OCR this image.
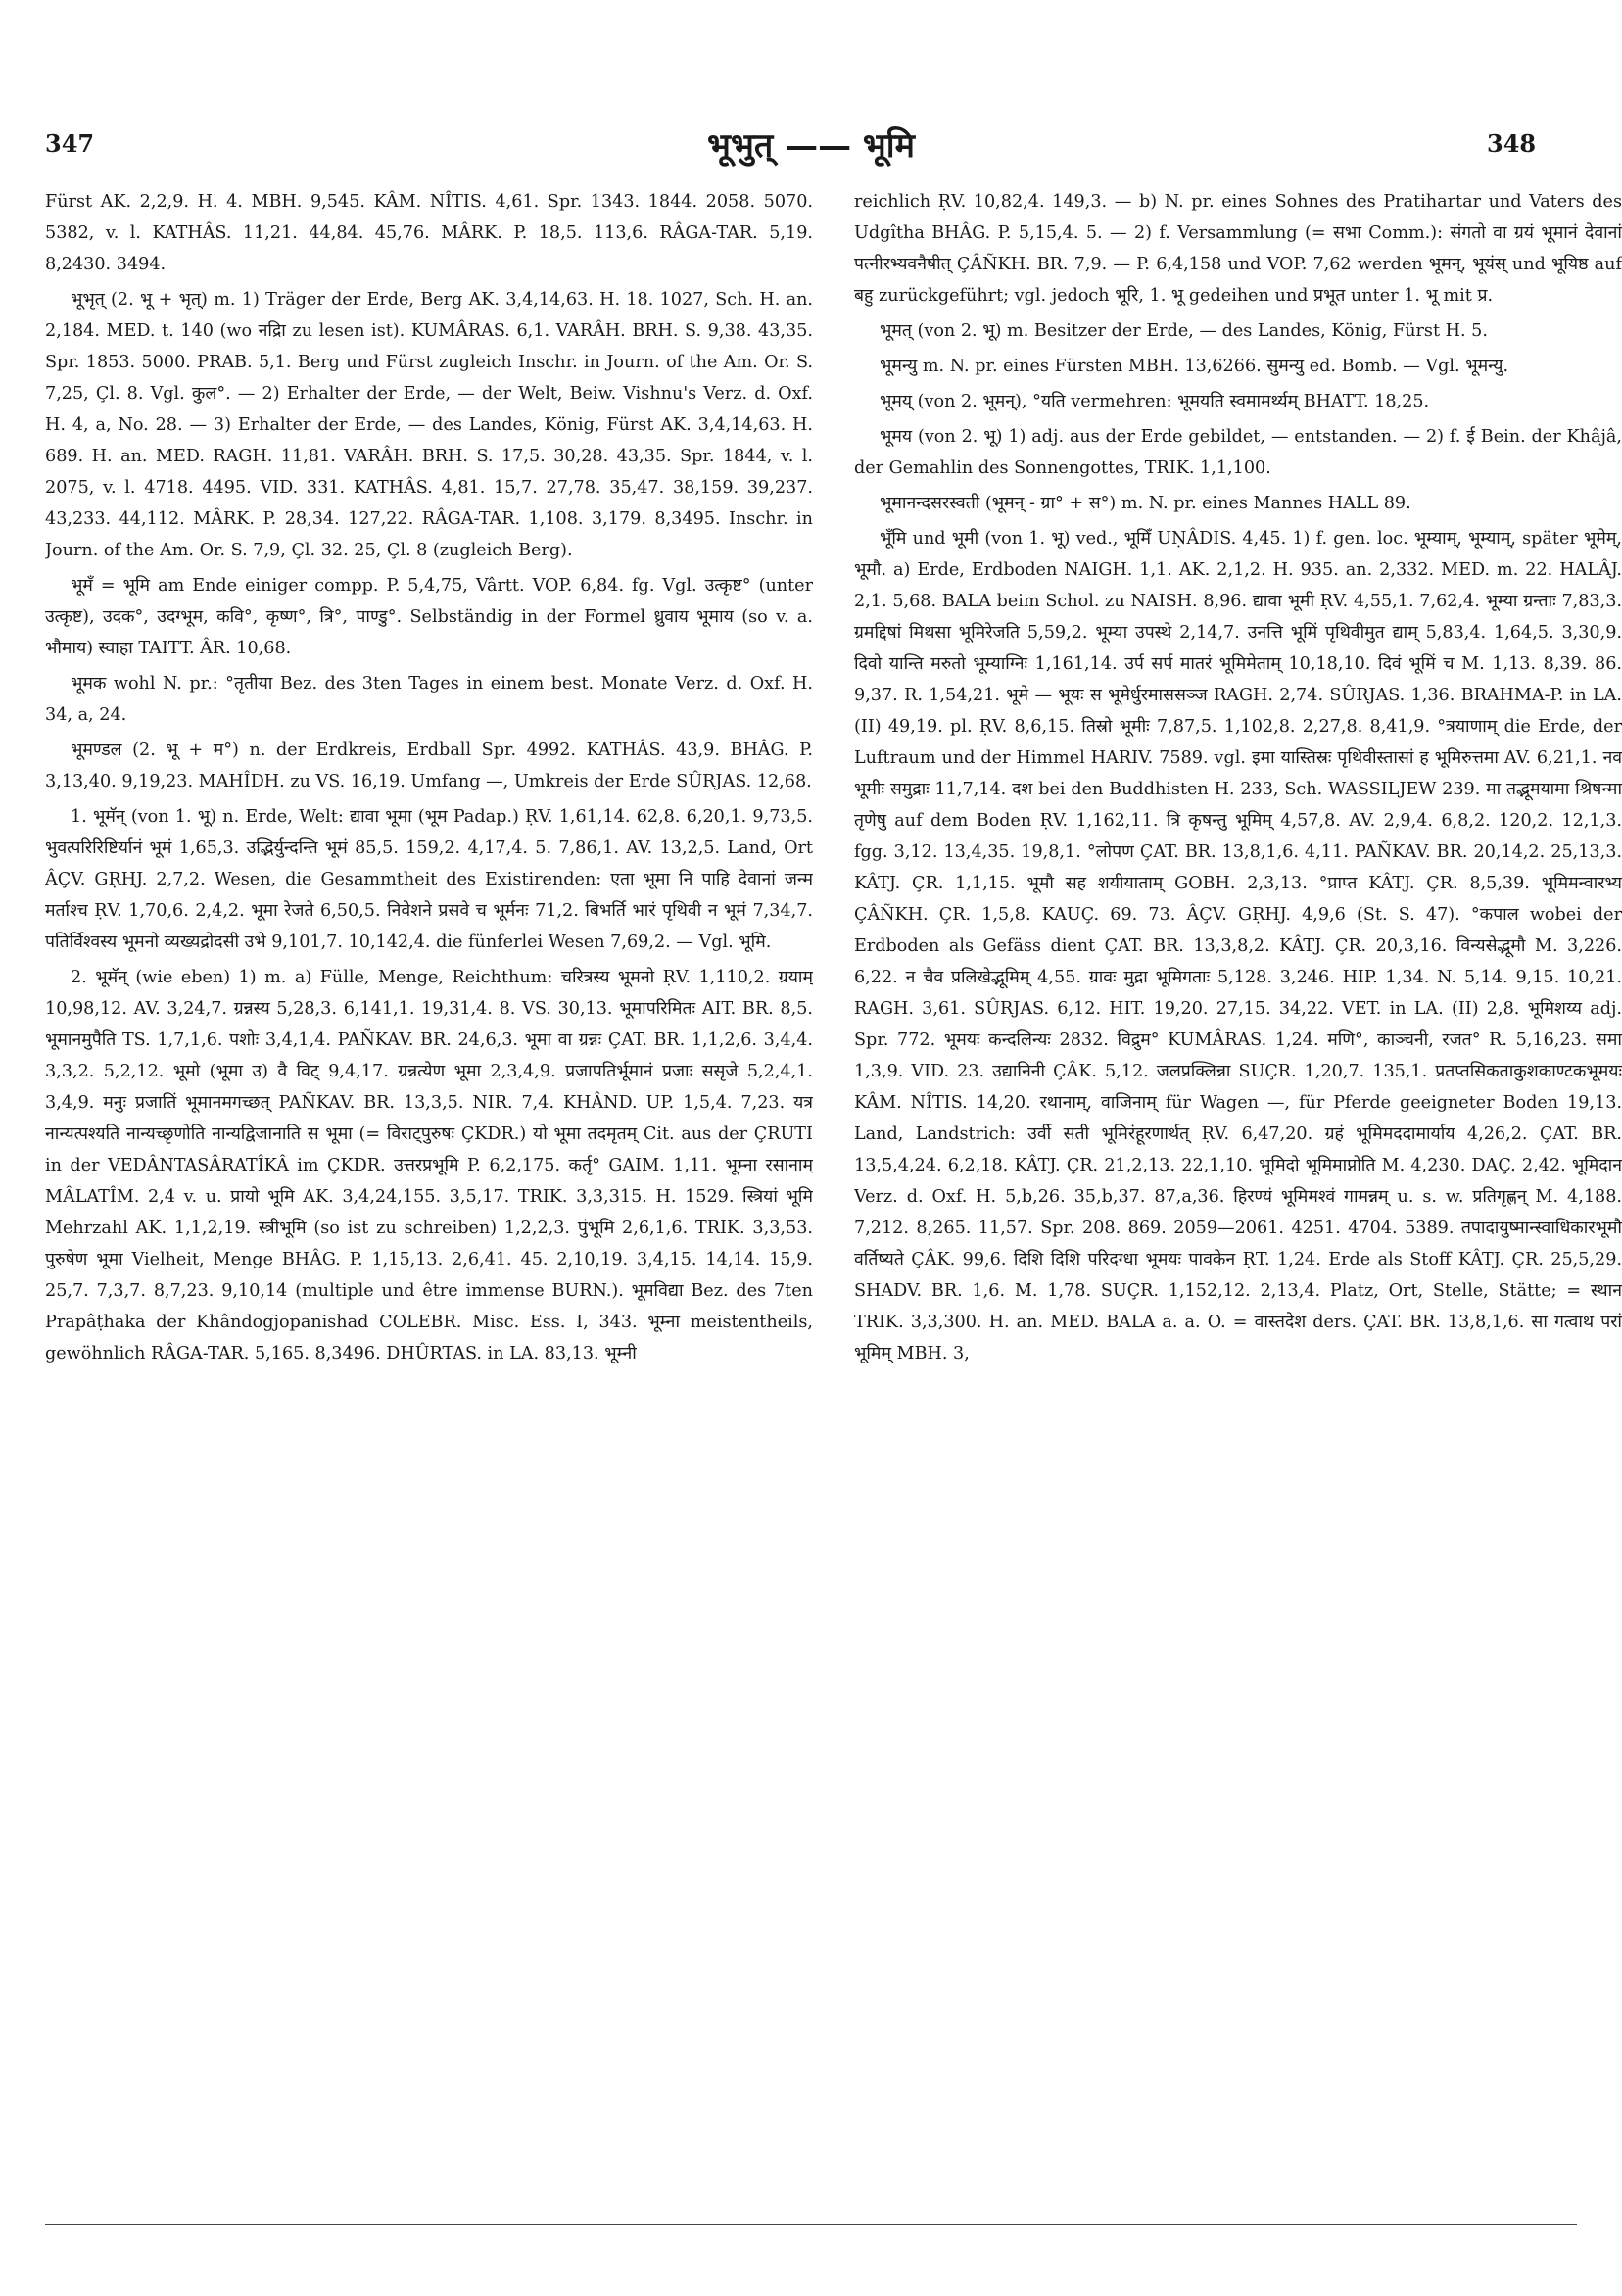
347	भूभुत् —— भूमि	348

Fürst AK. 2,2,9. H. 4. MBH. 9,545. KÂM. NÎTIS. 4,61. Spr. 1343. 1844. 2058. 5070. 5382, v. l. KATHÂS. 11,21. 44,84. 45,76. MÂRK. P. 18,5. 113,6. RÂGA-TAR. 5,19. 8,2430. 3494.

भूभृत् (2. भू + भृत्) m. 1) Träger der Erde, Berg AK. 3,4,14,63. H. 18. 1027, Sch. H. an. 2,184. MED. t. 140 (wo नद्रिा zu lesen ist). KUMÂRAS. 6,1. VARÂH. BRH. S. 9,38. 43,35. Spr. 1853. 5000. PRAB. 5,1. Berg und Fürst zugleich Inschr. in Journ. of the Am. Or. S. 7,25, Çl. 8. Vgl. कुल°. — 2) Erhalter der Erde, — der Welt, Beiw. Vishnu's Verz. d. Oxf. H. 4, a, No. 28. — 3) Erhalter der Erde, — des Landes, König, Fürst AK. 3,4,14,63. H. 689. H. an. MED. RAGH. 11,81. VARÂH. BRH. S. 17,5. 30,28. 43,35. Spr. 1844, v. l. 2075, v. l. 4718. 4495. VID. 331. KATHÂS. 4,81. 15,7. 27,78. 35,47. 38,159. 39,237. 43,233. 44,112. MÂRK. P. 28,34. 127,22. RÂGA-TAR. 1,108. 3,179. 8,3495. Inschr. in Journ. of the Am. Or. S. 7,9, Çl. 32. 25, Çl. 8 (zugleich Berg).

भूमँ = भूमि am Ende einiger compp. P. 5,4,75, Vârtt. VOP. 6,84. fg. Vgl. उत्कृष्ट° (unter उत्कृष्ट), उदक°, उदग्भूम, कवि°, कृष्ण°, त्रि°, पाण्डु°. Selbständig in der Formel ध्रुवाय भूमाय (so v. a. भौमाय) स्वाहा TAITT. ÂR. 10,68.

भूमक wohl N. pr.: °तृतीया Bez. des 3ten Tages in einem best. Monate Verz. d. Oxf. H. 34, a, 24.

भूमण्डल (2. भू + म°) n. der Erdkreis, Erdball Spr. 4992. KATHÂS. 43,9. BHÂG. P. 3,13,40. 9,19,23. MAHÎDH. zu VS. 16,19. Umfang —, Umkreis der Erde SÛRJAS. 12,68.

1. भूमॅन् (von 1. भू) n. Erde, Welt: द्यावा भूमा (भूम Padap.) ṚV. 1,61,14. 62,8. 6,20,1. 9,73,5. भुवत्परिरिष्टिर्यानं भूमं 1,65,3. उद्भिर्युन्दन्ति भूमं 85,5. 159,2. 4,17,4. 5. 7,86,1. AV. 13,2,5. Land, Ort ÂÇV. GṚHJ. 2,7,2. Wesen, die Gesammtheit des Existirenden: एता भूमा नि पाहि देवानां जन्म मर्ताश्च ṚV. 1,70,6. 2,4,2. भूमा रेजते 6,50,5. निवेशने प्रसवे च भूर्मनः 71,2. बिभर्ति भारं पृथिवी न भूमं 7,34,7. पतिर्विश्वस्य भूमनो व्यख्यद्रोदसी उभे 9,101,7. 10,142,4. die fünferlei Wesen 7,69,2. — Vgl. भूमि.

2. भूमॅन् (wie eben) 1) m. a) Fülle, Menge, Reichthum: चरित्रस्य भूमनो ṚV. 1,110,2. ग्रयाम् 10,98,12. AV. 3,24,7. ग्रन्नस्य 5,28,3. 6,141,1. 19,31,4. 8. VS. 30,13. भूमापरिमितः AIT. BR. 8,5. भूमानमुपैति TS. 1,7,1,6. पशोः 3,4,1,4. PAÑKAV. BR. 24,6,3. भूमा वा ग्रन्नः ÇAT. BR. 1,1,2,6. 3,4,4. 3,3,2. 5,2,12. भूमो (भूमा उ) वै विट् 9,4,17. ग्रन्नत्येण भूमा 2,3,4,9. प्रजापतिर्भूमानं प्रजाः ससृजे 5,2,4,1. 3,4,9. मनुः प्रजातिं भूमानमगच्छत् PAÑKAV. BR. 13,3,5. NIR. 7,4. KHÂND. UP. 1,5,4. 7,23. यत्र नान्यत्पश्यति नान्यच्छृणोति नान्यद्विजानाति स भूमा (= विराट्पुरुषः ÇKDR.) यो भूमा तदमृतम् Cit. aus der ÇRUTI in der VEDÂNTASÂRATÎKÂ im ÇKDR. उत्तरप्रभूमि P. 6,2,175. कर्तृ° GAIM. 1,11. भूम्ना रसानाम् MÂLATÎM. 2,4 v. u. प्रायो भूमि AK. 3,4,24,155. 3,5,17. TRIK. 3,3,315. H. 1529. स्त्रियां भूमि Mehrzahl AK. 1,1,2,19. स्त्रीभूमि (so ist zu schreiben) 1,2,2,3. पुंभूमि 2,6,1,6. TRIK. 3,3,53. पुरुषेण भूमा Vielheit, Menge BHÂG. P. 1,15,13. 2,6,41. 45. 2,10,19. 3,4,15. 14,14. 15,9. 25,7. 7,3,7. 8,7,23. 9,10,14 (multiple und être immense BURN.). भूमविद्या Bez. des 7ten Prapâṭhaka der Khândogjopanishad COLEBR. Misc. Ess. I, 343. भूम्ना meistentheils, gewöhnlich RÂGA-TAR. 5,165. 8,3496. DHÛRTAS. in LA. 83,13. भूम्नी

reichlich ṚV. 10,82,4. 149,3. — b) N. pr. eines Sohnes des Pratihartar und Vaters des Udgîtha BHÂG. P. 5,15,4. 5. — 2) f. Versammlung (= सभा Comm.): संगतो वा ग्रयं भूमानं देवानां पत्नीरभ्यवनैषीत् ÇÂÑKH. BR. 7,9. — P. 6,4,158 und VOP. 7,62 werden भूमन्, भूयंस् und भूयिष्ठ auf बहु zurückgeführt; vgl. jedoch भूरि, 1. भू gedeihen und प्रभूत unter 1. भू mit प्र.

भूमत् (von 2. भू) m. Besitzer der Erde, — des Landes, König, Fürst H. 5.

भूमन्यु m. N. pr. eines Fürsten MBH. 13,6266. सुमन्यु ed. Bomb. — Vgl. भूमन्यु.

भूमय् (von 2. भूमन्), °यति vermehren: भूमयति स्वमामर्थ्यम् BHATT. 18,25.

भूमय (von 2. भू) 1) adj. aus der Erde gebildet, — entstanden. — 2) f. ई Bein. der Khâjâ, der Gemahlin des Sonnengottes, TRIK. 1,1,100.

भूमानन्दसरस्वती (भूमन् - ग्रा° + स°) m. N. pr. eines Mannes HALL 89.

भूँमि und भूमी (von 1. भू) ved., भूमिँ UṆÂDIS. 4,45. 1) f. gen. loc. भूम्याम्, भूम्याम्, später भूमेम्, भूमौ. a) Erde, Erdboden NAIGH. 1,1. AK. 2,1,2. H. 935. an. 2,332. MED. m. 22. HALÂJ. 2,1. 5,68. BALA beim Schol. zu NAISH. 8,96. द्यावा भूमी ṚV. 4,55,1. 7,62,4. भूम्या ग्रन्ताः 7,83,3. ग्रमद्दिषां मिथसा भूमिरेजति 5,59,2. भूम्या उपस्थे 2,14,7. उनत्ति भूमिं पृथिवीमुत द्याम् 5,83,4. 1,64,5. 3,30,9. दिवो यान्ति मरुतो भूम्याग्निः 1,161,14. उर्प सर्प मातरं भूमिमेताम् 10,18,10. दिवं भूमिं च M. 1,13. 8,39. 86. 9,37. R. 1,54,21. भूमे — भूयः स भूमेर्धुरमाससञ्ज RAGH. 2,74. SÛRJAS. 1,36. BRAHMA-P. in LA. (II) 49,19. pl. ṚV. 8,6,15. तिस्रो भूमीः 7,87,5. 1,102,8. 2,27,8. 8,41,9. °त्रयाणाम् die Erde, der Luftraum und der Himmel HARIV. 7589. vgl. इमा यास्तिस्रः पृथिवीस्तासां ह भूमिरुत्तमा AV. 6,21,1. नव भूमीः समुद्राः 11,7,14. दश bei den Buddhisten H. 233, Sch. WASSILJEW 239. मा तद्भूमयामा श्रिषन्मा तृणेषु auf dem Boden ṚV. 1,162,11. त्रि कृषन्तु भूमिम् 4,57,8. AV. 2,9,4. 6,8,2. 120,2. 12,1,3. fgg. 3,12. 13,4,35. 19,8,1. °लोपण ÇAT. BR. 13,8,1,6. 4,11. PAÑKAV. BR. 20,14,2. 25,13,3. KÂTJ. ÇR. 1,1,15. भूमौ सह शयीयाताम् GOBH. 2,3,13. °प्राप्त KÂTJ. ÇR. 8,5,39. भूमिमन्वारभ्य ÇÂÑKH. ÇR. 1,5,8. KAUÇ. 69. 73. ÂÇV. GṚHJ. 4,9,6 (St. S. 47). °कपाल wobei der Erdboden als Gefäss dient ÇAT. BR. 13,3,8,2. KÂTJ. ÇR. 20,3,16. विन्यसेद्भूमौ M. 3,226. 6,22. न चैव प्रलिखेद्भूमिम् 4,55. ग्रावः मुद्रा भूमिगताः 5,128. 3,246. HIP. 1,34. N. 5,14. 9,15. 10,21. RAGH. 3,61. SÛRJAS. 6,12. HIT. 19,20. 27,15. 34,22. VET. in LA. (II) 2,8. भूमिशय्य adj. Spr. 772. भूमयः कन्दलिन्यः 2832. विद्रुम° KUMÂRAS. 1,24. मणि°, काञ्चनी, रजत° R. 5,16,23. समा 1,3,9. VID. 23. उद्यानिनी ÇÂK. 5,12. जलप्रक्लिन्ना SUÇR. 1,20,7. 135,1. प्रतप्तसिकताकुशकाण्टकभूमयः KÂM. NÎTIS. 14,20. रथानाम्, वाजिनाम् für Wagen —, für Pferde geeigneter Boden 19,13. Land, Landstrich: उर्वी सती भूमिरंहूरणार्थत् ṚV. 6,47,20. ग्रहं भूमिमददामार्याय 4,26,2. ÇAT. BR. 13,5,4,24. 6,2,18. KÂTJ. ÇR. 21,2,13. 22,1,10. भूमिदो भूमिमाप्नोति M. 4,230. DAÇ. 2,42. भूमिदान Verz. d. Oxf. H. 5,b,26. 35,b,37. 87,a,36. हिरण्यं भूमिमश्वं गामन्नम् u. s. w. प्रतिगृह्णन् M. 4,188. 7,212. 8,265. 11,57. Spr. 208. 869. 2059—2061. 4251. 4704. 5389. तपादायुष्मान्स्वाधिकारभूमौ वर्तिष्यते ÇÂK. 99,6. दिशि दिशि परिदग्धा भूमयः पावकेन ṚT. 1,24. Erde als Stoff KÂTJ. ÇR. 25,5,29. SHADV. BR. 1,6. M. 1,78. SUÇR. 1,152,12. 2,13,4. Platz, Ort, Stelle, Stätte; = स्थान TRIK. 3,3,300. H. an. MED. BALA a. a. O. = वास्तदेश ders. ÇAT. BR. 13,8,1,6. सा गत्वाथ परां भूमिम् MBH. 3,
